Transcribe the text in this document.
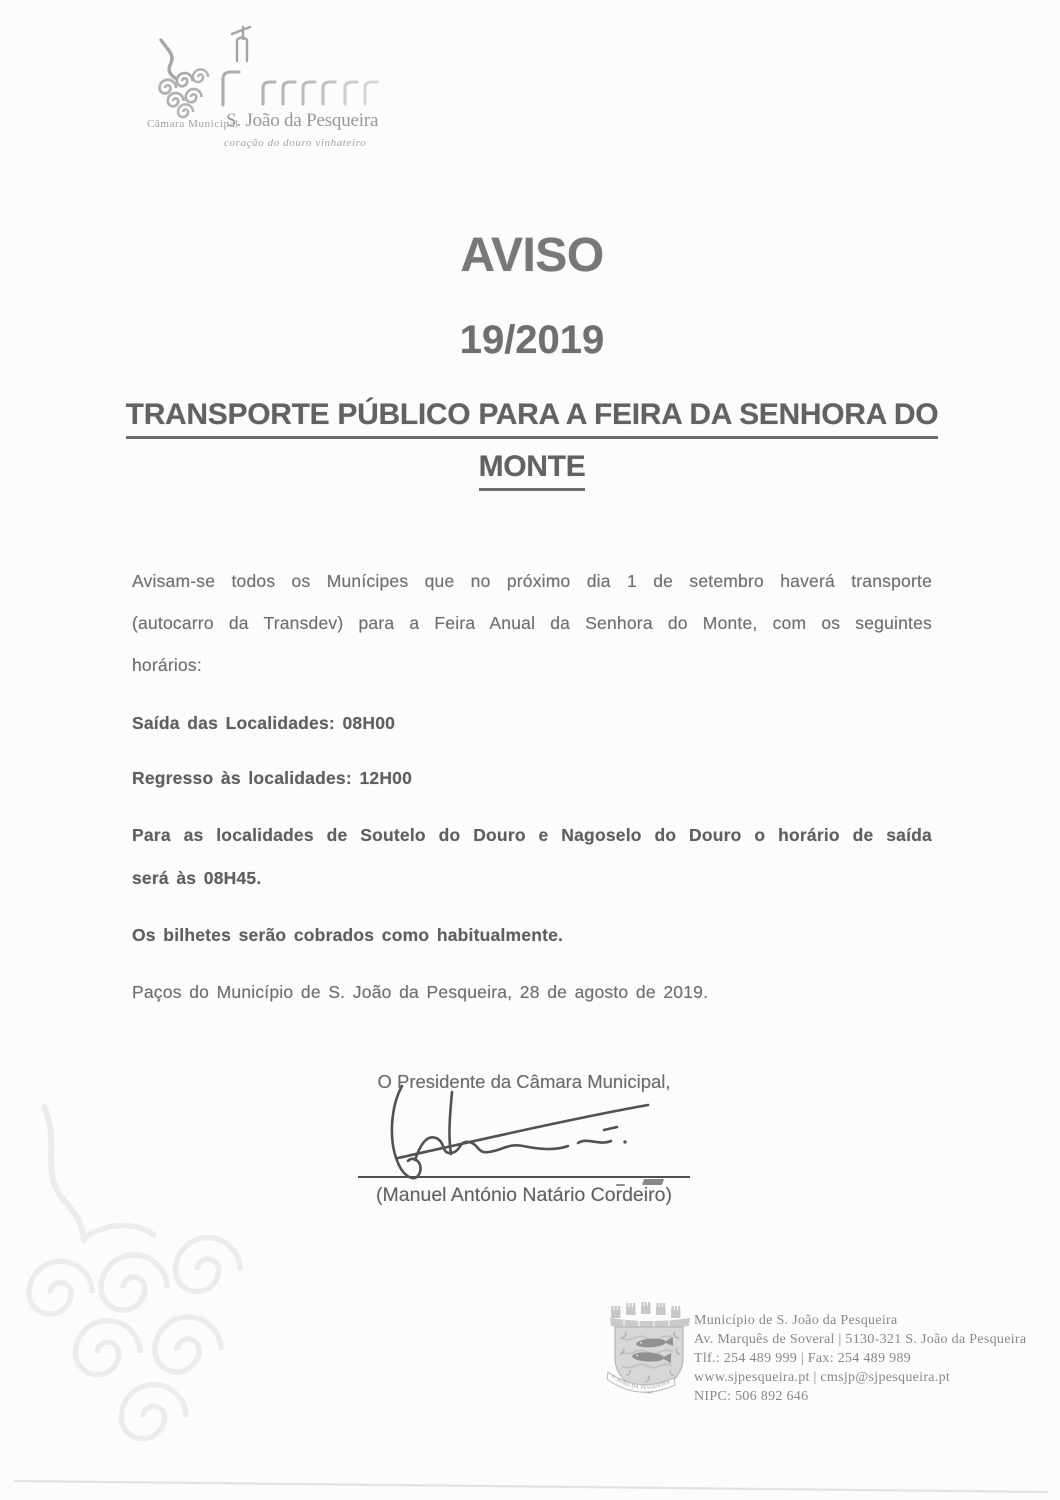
Câmara Municipal
S. João da Pesqueira
coração do douro vinhateiro
AVISO
19/2019
TRANSPORTE PÚBLICO PARA A FEIRA DA SENHORA DO
MONTE
Avisam-se todos os Munícipes que no próximo dia 1 de setembro haverá transporte
(autocarro da Transdev) para a Feira Anual da Senhora do Monte, com os seguintes
horários:
Saída das Localidades: 08H00
Regresso às localidades: 12H00
Para as localidades de Soutelo do Douro e Nagoselo do Douro o horário de saída
será às 08H45.
Os bilhetes serão cobrados como habitualmente.
Paços do Município de S. João da Pesqueira, 28 de agosto de 2019.
O Presidente da Câmara Municipal,
(Manuel António Natário Cordeiro)
S. JOÃO DA PESQUEIRA
Município de S. João da Pesqueira
Av. Marquês de Soveral | 5130-321 S. João da Pesqueira
Tlf.: 254 489 999 | Fax: 254 489 989
www.sjpesqueira.pt | cmsjp@sjpesqueira.pt
NIPC: 506 892 646
